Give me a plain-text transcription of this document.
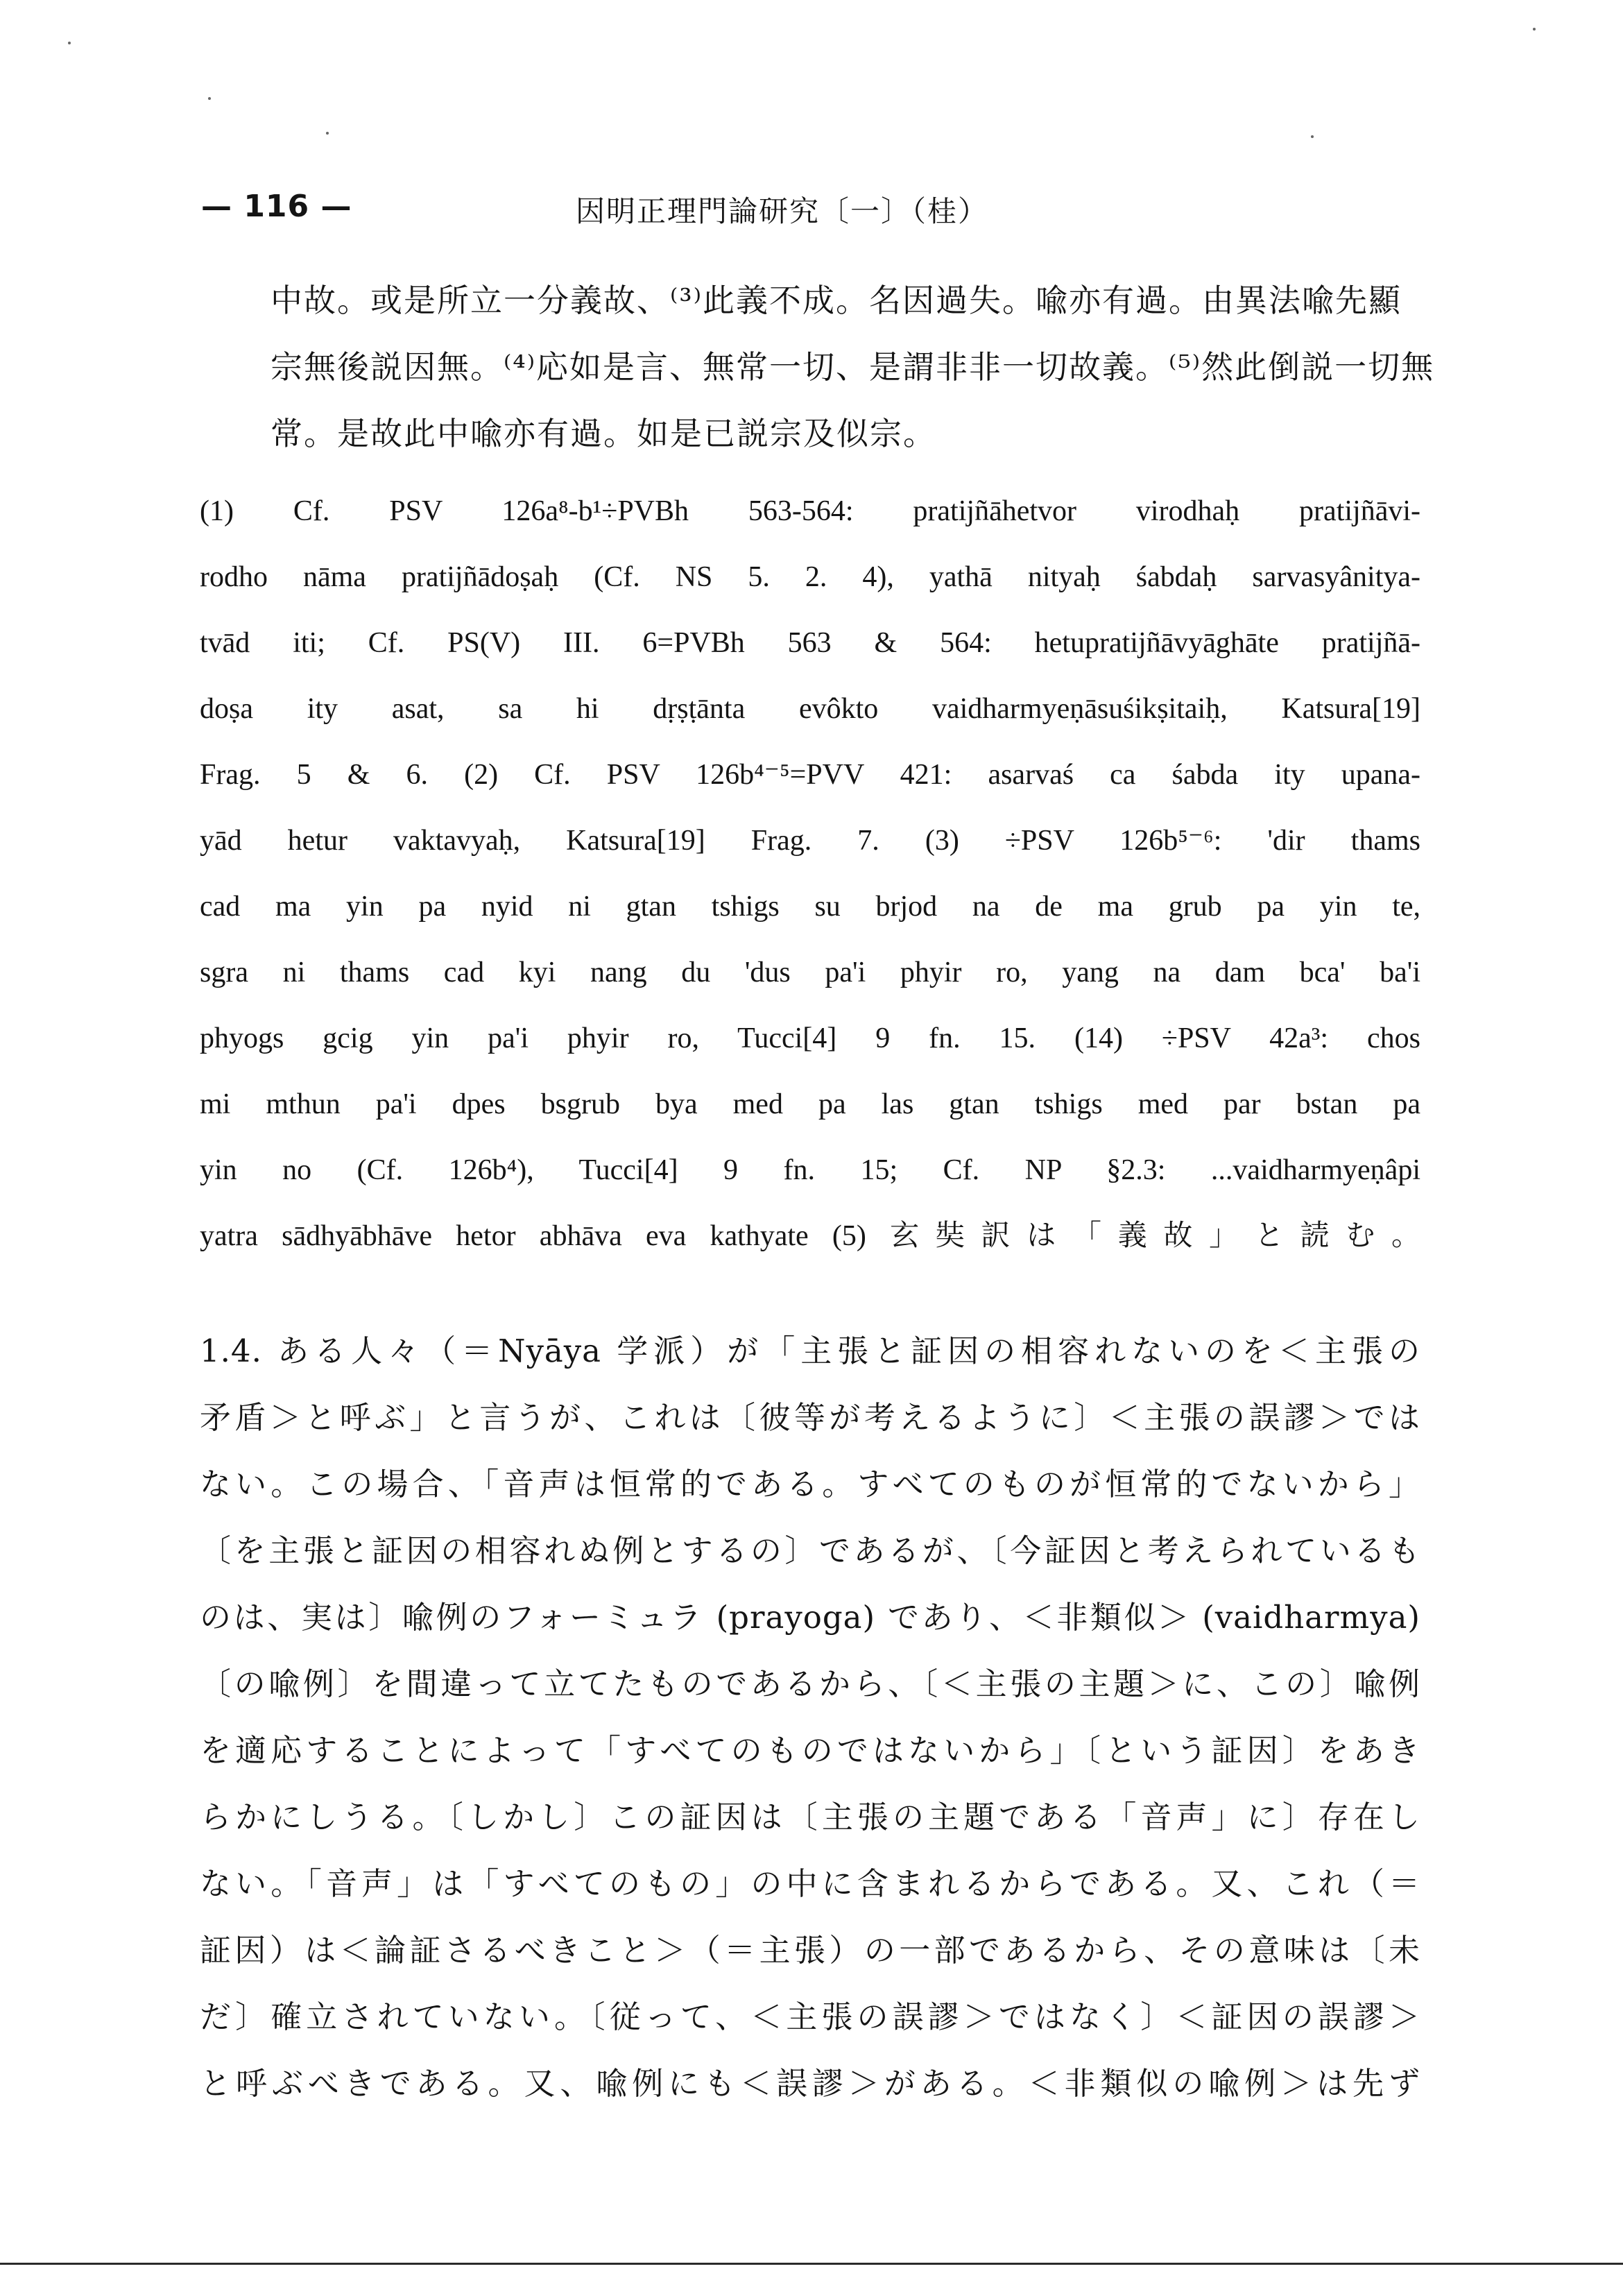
— 116 —	因明正理門論研究〔一〕（桂）
中故。或是所立一分義故、⁽³⁾此義不成。名因過失。喩亦有過。由異法喩先顯
宗無後説因無。⁽⁴⁾応如是言、無常一切、是謂非非一切故義。⁽⁵⁾然此倒説一切無
常。是故此中喩亦有過。如是已説宗及似宗。
(1) Cf. PSV 126a⁸-b¹÷PVBh 563-564: pratijñāhetvor virodhaḥ pratijñāvi-
rodho nāma pratijñādoṣaḥ (Cf. NS 5. 2. 4), yathā nityaḥ śabdaḥ sarvasyânitya-
tvād iti; Cf. PS(V) III. 6=PVBh 563 & 564: hetupratijñāvyāghāte pratijñā-
doṣa ity asat, sa hi dṛṣṭānta evôkto vaidharmyeṇāsuśikṣitaiḥ, Katsura[19]
Frag. 5 & 6. (2) Cf. PSV 126b⁴⁻⁵=PVV 421: asarvaś ca śabda ity upana-
yād hetur vaktavyaḥ, Katsura[19] Frag. 7. (3) ÷PSV 126b⁵⁻⁶: 'dir thams
cad ma yin pa nyid ni gtan tshigs su brjod na de ma grub pa yin te,
sgra ni thams cad kyi nang du 'dus pa'i phyir ro, yang na dam bca' ba'i
phyogs gcig yin pa'i phyir ro, Tucci[4] 9 fn. 15. (14) ÷PSV 42a³: chos
mi mthun pa'i dpes bsgrub bya med pa las gtan tshigs med par bstan pa
yin no (Cf. 126b⁴), Tucci[4] 9 fn. 15; Cf. NP §2.3: ...vaidharmyeṇâpi
yatra sādhyābhāve hetor abhāva eva kathyate (5) 玄奘訳は「義故」と読む。
1.4. ある人々（＝Nyāya 学派）が「主張と証因の相容れないのを＜主張の
矛盾＞と呼ぶ」と言うが、これは〔彼等が考えるように〕＜主張の誤謬＞では
ない。この場合、「音声は恒常的である。すべてのものが恒常的でないから」
〔を主張と証因の相容れぬ例とするの〕であるが、〔今証因と考えられているも
のは、実は〕喩例のフォーミュラ (prayoga) であり、＜非類似＞ (vaidharmya)
〔の喩例〕を間違って立てたものであるから、〔＜主張の主題＞に、この〕喩例
を適応することによって「すべてのものではないから」〔という証因〕をあき
らかにしうる。〔しかし〕この証因は〔主張の主題である「音声」に〕存在し
ない。「音声」は「すべてのもの」の中に含まれるからである。又、これ（＝
証因）は＜論証さるべきこと＞（＝主張）の一部であるから、その意味は〔未
だ〕確立されていない。〔従って、＜主張の誤謬＞ではなく〕＜証因の誤謬＞
と呼ぶべきである。又、喩例にも＜誤謬＞がある。＜非類似の喩例＞は先ず
